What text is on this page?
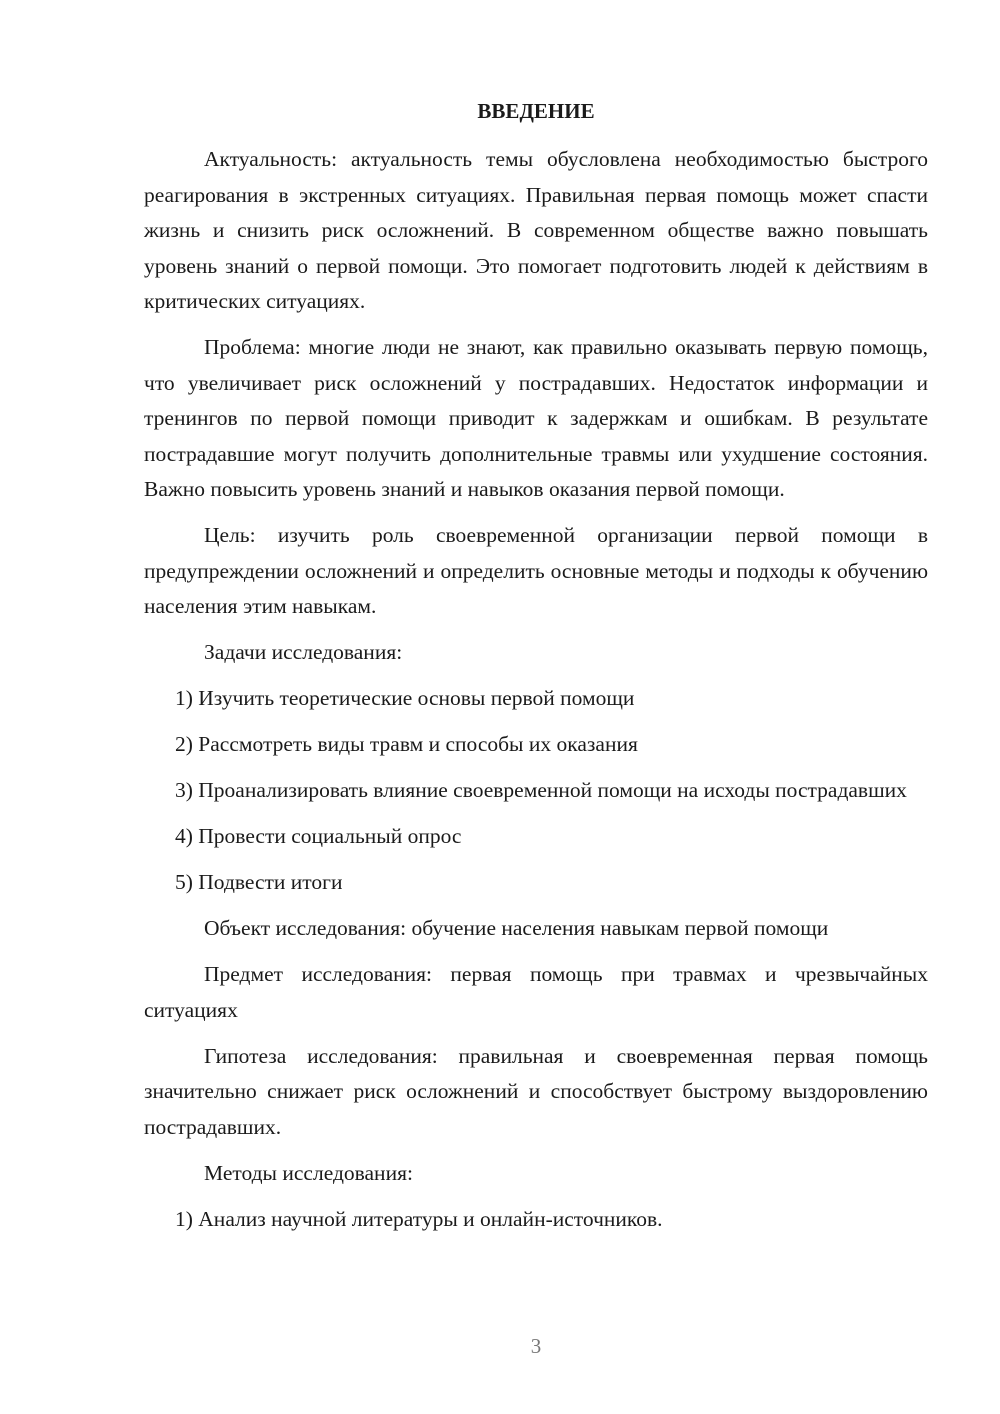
ВВЕДЕНИЕ

Актуальность: актуальность темы обусловлена необходимостью быстрого реагирования в экстренных ситуациях. Правильная первая помощь может спасти жизнь и снизить риск осложнений. В современном обществе важно повышать уровень знаний о первой помощи. Это помогает подготовить людей к действиям в критических ситуациях.

Проблема: многие люди не знают, как правильно оказывать первую помощь, что увеличивает риск осложнений у пострадавших. Недостаток информации и тренингов по первой помощи приводит к задержкам и ошибкам. В результате пострадавшие могут получить дополнительные травмы или ухудшение состояния. Важно повысить уровень знаний и навыков оказания первой помощи.

Цель: изучить роль своевременной организации первой помощи в предупреждении осложнений и определить основные методы и подходы к обучению населения этим навыкам.

Задачи исследования:

1) Изучить теоретические основы первой помощи

2) Рассмотреть виды травм и способы их оказания

3) Проанализировать влияние своевременной помощи на исходы пострадавших

4) Провести социальный опрос

5) Подвести итоги

Объект исследования: обучение населения навыкам первой помощи

Предмет исследования: первая помощь при травмах и чрезвычайных ситуациях

Гипотеза исследования: правильная и своевременная первая помощь значительно снижает риск осложнений и способствует быстрому выздоровлению пострадавших.

Методы исследования:

1) Анализ научной литературы и онлайн-источников.

3
